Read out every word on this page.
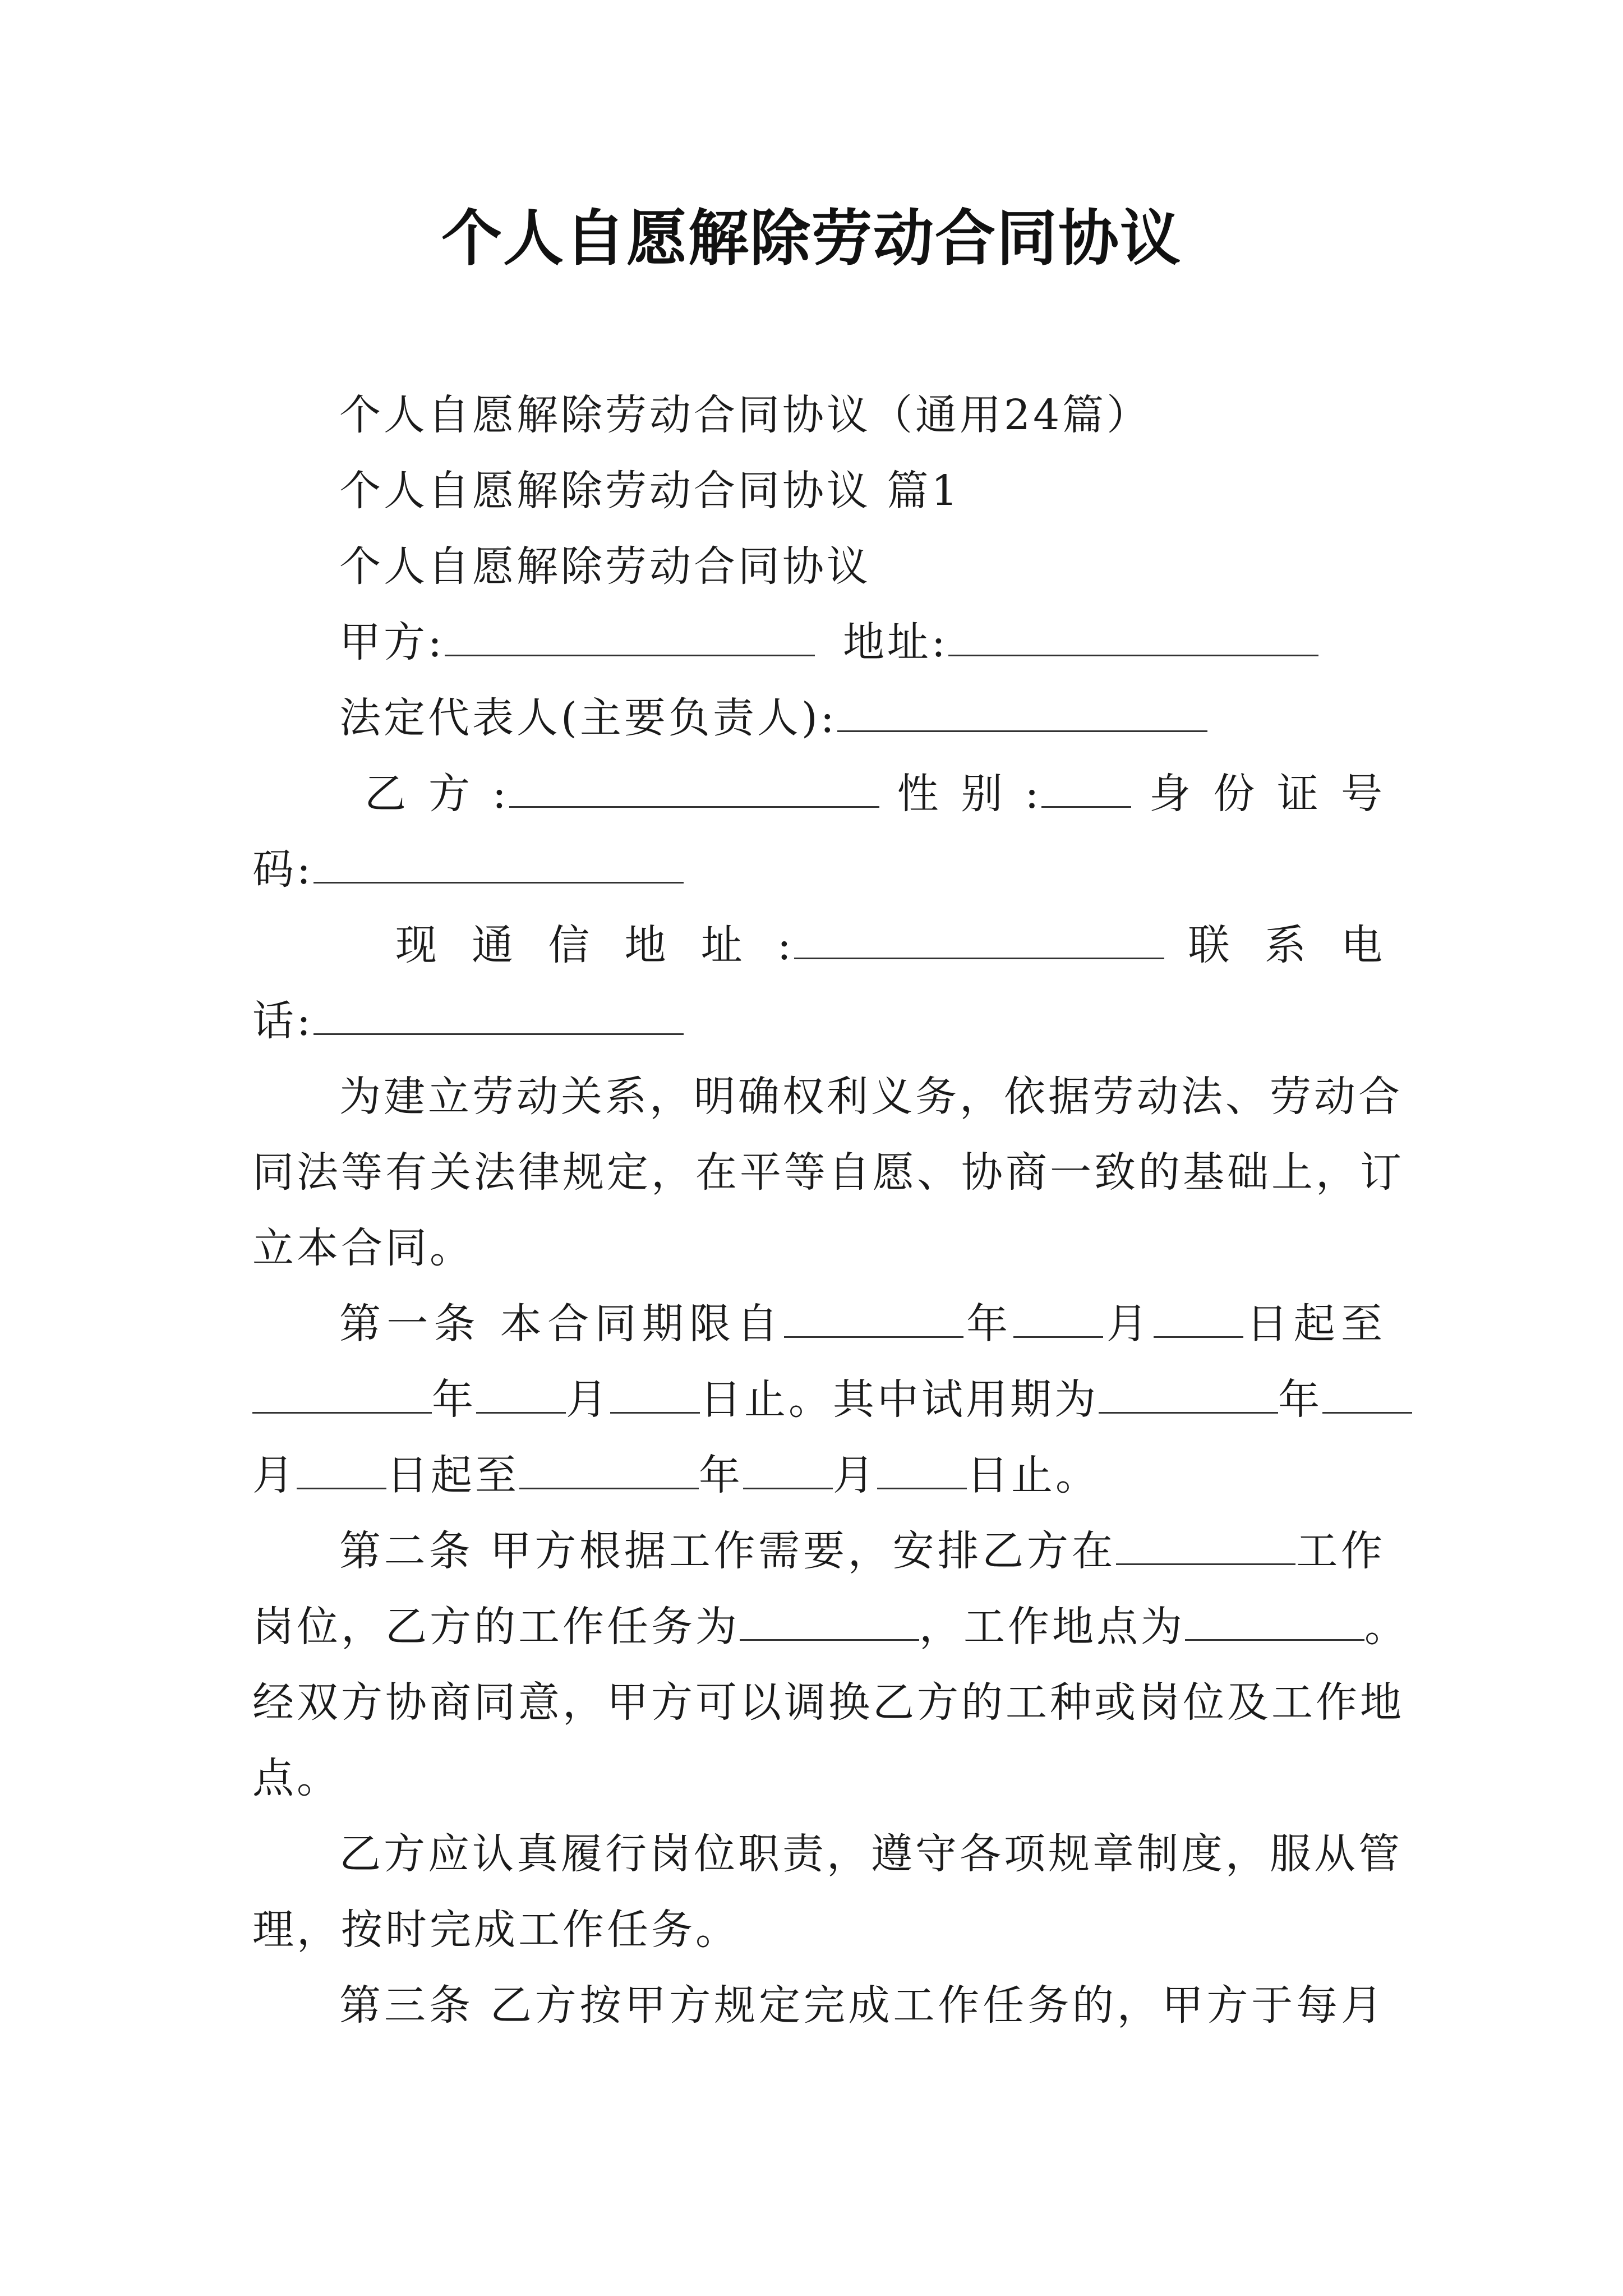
个人自愿解除劳动合同协议
个人自愿解除劳动合同协议（通用24篇）
个人自愿解除劳动合同协议 篇1
个人自愿解除劳动合同协议
甲方:	地址:
法定代表人(主要负责人):
乙 方 :	性 别 :	身 份 证 号
码:
现 通 信 地 址 :	联 系 电
话:
为建立劳动关系，明确权利义务，依据劳动法、劳动合
同法等有关法律规定，在平等自愿、协商一致的基础上，订
立本合同。
第一条 本合同期限自	年 月 日起至
年 月 日止。其中试用期为	年
月 日起至	年 月 日止。
第二条 甲方根据工作需要，安排乙方在	工作
岗位，乙方的工作任务为	，工作地点为	。
经双方协商同意，甲方可以调换乙方的工种或岗位及工作地
点。
乙方应认真履行岗位职责，遵守各项规章制度，服从管
理，按时完成工作任务。
第三条 乙方按甲方规定完成工作任务的，甲方于每月
